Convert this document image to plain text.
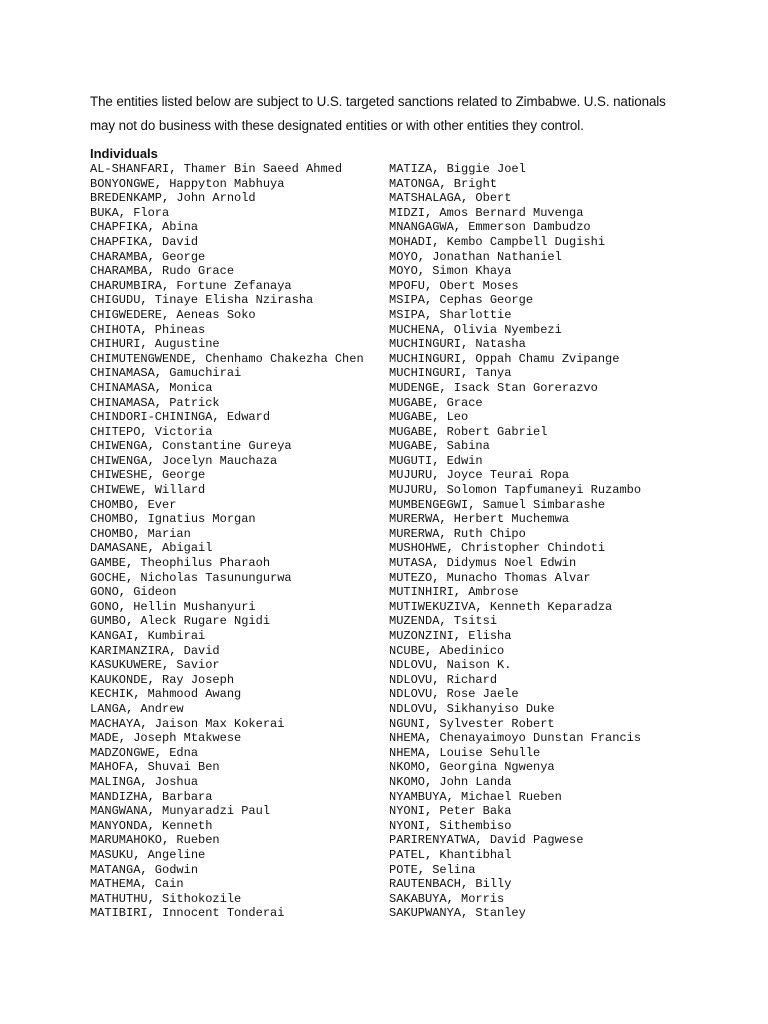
The entities listed below are subject to U.S. targeted sanctions related to Zimbabwe. U.S. nationals may not do business with these designated entities or with other entities they control.

Individuals
AL-SHANFARI, Thamer Bin Saeed Ahmed
BONYONGWE, Happyton Mabhuya
BREDENKAMP, John Arnold
BUKA, Flora
CHAPFIKA, Abina
CHAPFIKA, David
CHARAMBA, George
CHARAMBA, Rudo Grace
CHARUMBIRA, Fortune Zefanaya
CHIGUDU, Tinaye Elisha Nzirasha
CHIGWEDERE, Aeneas Soko
CHIHOTA, Phineas
CHIHURI, Augustine
CHIMUTENGWENDE, Chenhamo Chakezha Chen
CHINAMASA, Gamuchirai
CHINAMASA, Monica
CHINAMASA, Patrick
CHINDORI-CHININGA, Edward
CHITEPO, Victoria
CHIWENGA, Constantine Gureya
CHIWENGA, Jocelyn Mauchaza
CHIWESHE, George
CHIWEWE, Willard
CHOMBO, Ever
CHOMBO, Ignatius Morgan
CHOMBO, Marian
DAMASANE, Abigail
GAMBE, Theophilus Pharaoh
GOCHE, Nicholas Tasunungurwa
GONO, Gideon
GONO, Hellin Mushanyuri
GUMBO, Aleck Rugare Ngidi
KANGAI, Kumbirai
KARIMANZIRA, David
KASUKUWERE, Savior
KAUKONDE, Ray Joseph
KECHIK, Mahmood Awang
LANGA, Andrew
MACHAYA, Jaison Max Kokerai
MADE, Joseph Mtakwese
MADZONGWE, Edna
MAHOFA, Shuvai Ben
MALINGA, Joshua
MANDIZHA, Barbara
MANGWANA, Munyaradzi Paul
MANYONDA, Kenneth
MARUMAHOKO, Rueben
MASUKU, Angeline
MATANGA, Godwin
MATHEMA, Cain
MATHUTHU, Sithokozile
MATIBIRI, Innocent Tonderai
MATIZA, Biggie Joel
MATONGA, Bright
MATSHALAGA, Obert
MIDZI, Amos Bernard Muvenga
MNANGAGWA, Emmerson Dambudzo
MOHADI, Kembo Campbell Dugishi
MOYO, Jonathan Nathaniel
MOYO, Simon Khaya
MPOFU, Obert Moses
MSIPA, Cephas George
MSIPA, Sharlottie
MUCHENA, Olivia Nyembezi
MUCHINGURI, Natasha
MUCHINGURI, Oppah Chamu Zvipange
MUCHINGURI, Tanya
MUDENGE, Isack Stan Gorerazvo
MUGABE, Grace
MUGABE, Leo
MUGABE, Robert Gabriel
MUGABE, Sabina
MUGUTI, Edwin
MUJURU, Joyce Teurai Ropa
MUJURU, Solomon Tapfumaneyi Ruzambo
MUMBENGEGWI, Samuel Simbarashe
MURERWA, Herbert Muchemwa
MURERWA, Ruth Chipo
MUSHOHWE, Christopher Chindoti
MUTASA, Didymus Noel Edwin
MUTEZO, Munacho Thomas Alvar
MUTINHIRI, Ambrose
MUTIWEKUZIVA, Kenneth Keparadza
MUZENDA, Tsitsi
MUZONZINI, Elisha
NCUBE, Abedinico
NDLOVU, Naison K.
NDLOVU, Richard
NDLOVU, Rose Jaele
NDLOVU, Sikhanyiso Duke
NGUNI, Sylvester Robert
NHEMA, Chenayaimoyo Dunstan Francis
NHEMA, Louise Sehulle
NKOMO, Georgina Ngwenya
NKOMO, John Landa
NYAMBUYA, Michael Rueben
NYONI, Peter Baka
NYONI, Sithembiso
PARIRENYATWA, David Pagwese
PATEL, Khantibhal
POTE, Selina
RAUTENBACH, Billy
SAKABUYA, Morris
SAKUPWANYA, Stanley
